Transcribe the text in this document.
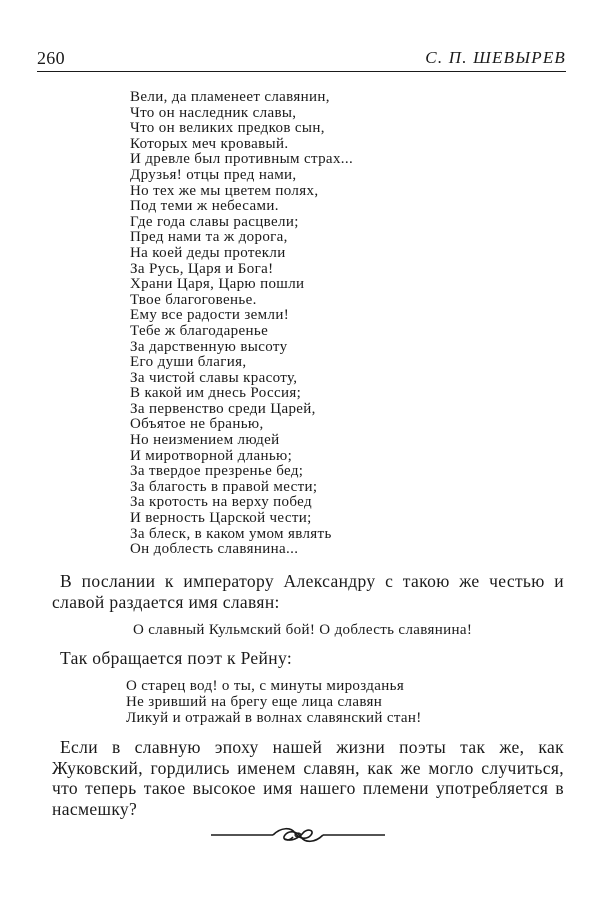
260	С. П. ШЕВЫРЕВ
Вели, да пламенеет славянин,
Что он наследник славы,
Что он великих предков сын,
Которых меч кровавый.
И древле был противным страх...
Друзья! отцы пред нами,
Но тех же мы цветем полях,
Под теми ж небесами.
Где года славы расцвели;
Пред нами та ж дорога,
На коей деды протекли
За Русь, Царя и Бога!
Храни Царя, Царю пошли
Твое благоговенье.
Ему все радости земли!
Тебе ж благодаренье
За дарственную высоту
Его души благия,
За чистой славы красоту,
В какой им днесь Россия;
За первенство среди Царей,
Объятое не бранью,
Но неизмением людей
И миротворной дланью;
За твердое презренье бед;
За благость в правой мести;
За кротость на верху побед
И верность Царской чести;
За блеск, в каком умом являть
Он доблесть славянина...

В послании к императору Александру с такою же честью и славой раздается имя славян:

О славный Кульмский бой! О доблесть славянина!

Так обращается поэт к Рейну:

О старец вод! о ты, с минуты мирозданья
Не зривший на брегу еще лица славян
Ликуй и отражай в волнах славянский стан!

Если в славную эпоху нашей жизни поэты так же, как Жуковский, гордились именем славян, как же могло случиться, что теперь такое высокое имя нашего племени употребляется в насмешку?
